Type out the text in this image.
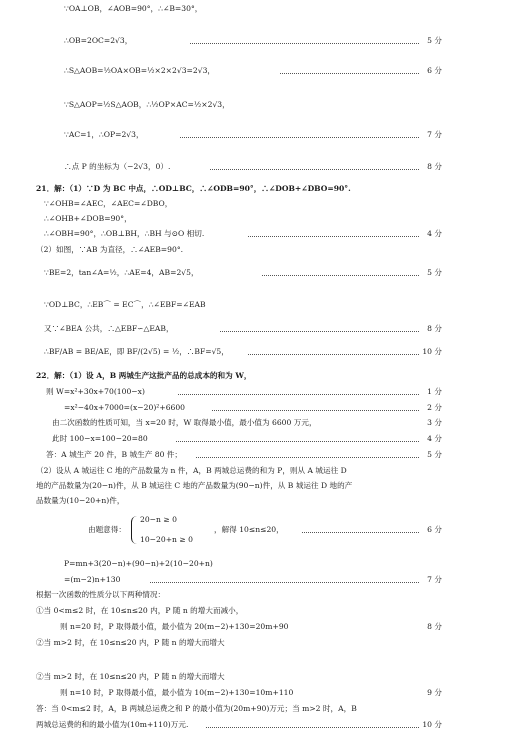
∵OA⊥OB，∠AOB=90°，∴∠B=30°，
∴OB=2OC=2√3，	5 分
∴S△AOB=½OA×OB=½×2×2√3=2√3，	6 分
∵S△AOP=½S△AOB，∴½OP×AC=½×2√3，
∵AC=1，∴OP=2√3，	7 分
∴点 P 的坐标为（−2√3，0）.	8 分
21．解：（1）∵D 为 BC 中点，∴OD⊥BC，∴∠ODB=90°，∴∠DOB+∠DBO=90°.
∵∠OHB=∠AEC，∠AEC=∠DBO，
∴∠OHB+∠DOB=90°，
∴∠OBH=90°，∴OB⊥BH，∴BH 与⊙O 相切.	4 分
（2）如图，∵AB 为直径，∴∠AEB=90°.
∵BE=2，tan∠A=½，∴AE=4，AB=2√5，	5 分
∵OD⊥BC，∴EB⌒ = EC⌒，∴∠EBF=∠EAB
又∵∠BEA 公共，∴△EBF∽△EAB，	8 分
∴BF/AB = BE/AE，即 BF/(2√5) = ½，∴BF=√5，	10 分
22．解：（1）设 A，B 两城生产这批产品的总成本的和为 W，
则 W=x²+30x+70(100−x)	1 分
=x²−40x+7000=(x−20)²+6600	2 分
由二次函数的性质可知，当 x=20 时，W 取得最小值，最小值为 6600 万元，	3 分
此时 100−x=100−20=80	4 分
答：A 城生产 20 件，B 城生产 80 件；	5 分
（2）设从 A 城运往 C 地的产品数量为 n 件，A，B 两城总运费的和为 P，则从 A 城运往 D
地的产品数量为(20−n)件，从 B 城运往 C 地的产品数量为(90−n)件，从 B 城运往 D 地的产
品数量为(10−20+n)件，
20−n ≥ 0
由题意得：	，解得 10≤n≤20，	6 分
10−20+n ≥ 0
P=mn+3(20−n)+(90−n)+2(10−20+n)
=(m−2)n+130	7 分
根据一次函数的性质分以下两种情况：
①当 0<m≤2 时，在 10≤n≤20 内，P 随 n 的增大而减小，
则 n=20 时，P 取得最小值，最小值为 20(m−2)+130=20m+90	8 分
②当 m>2 时，在 10≤n≤20 内，P 随 n 的增大而增大
②当 m>2 时，在 10≤n≤20 内，P 随 n 的增大而增大
则 n=10 时，P 取得最小值，最小值为 10(m−2)+130=10m+110	9 分
答：当 0<m≤2 时，A，B 两城总运费之和 P 的最小值为(20m+90)万元；当 m>2 时，A，B
两城总运费的和的最小值为(10m+110)万元.	10 分
